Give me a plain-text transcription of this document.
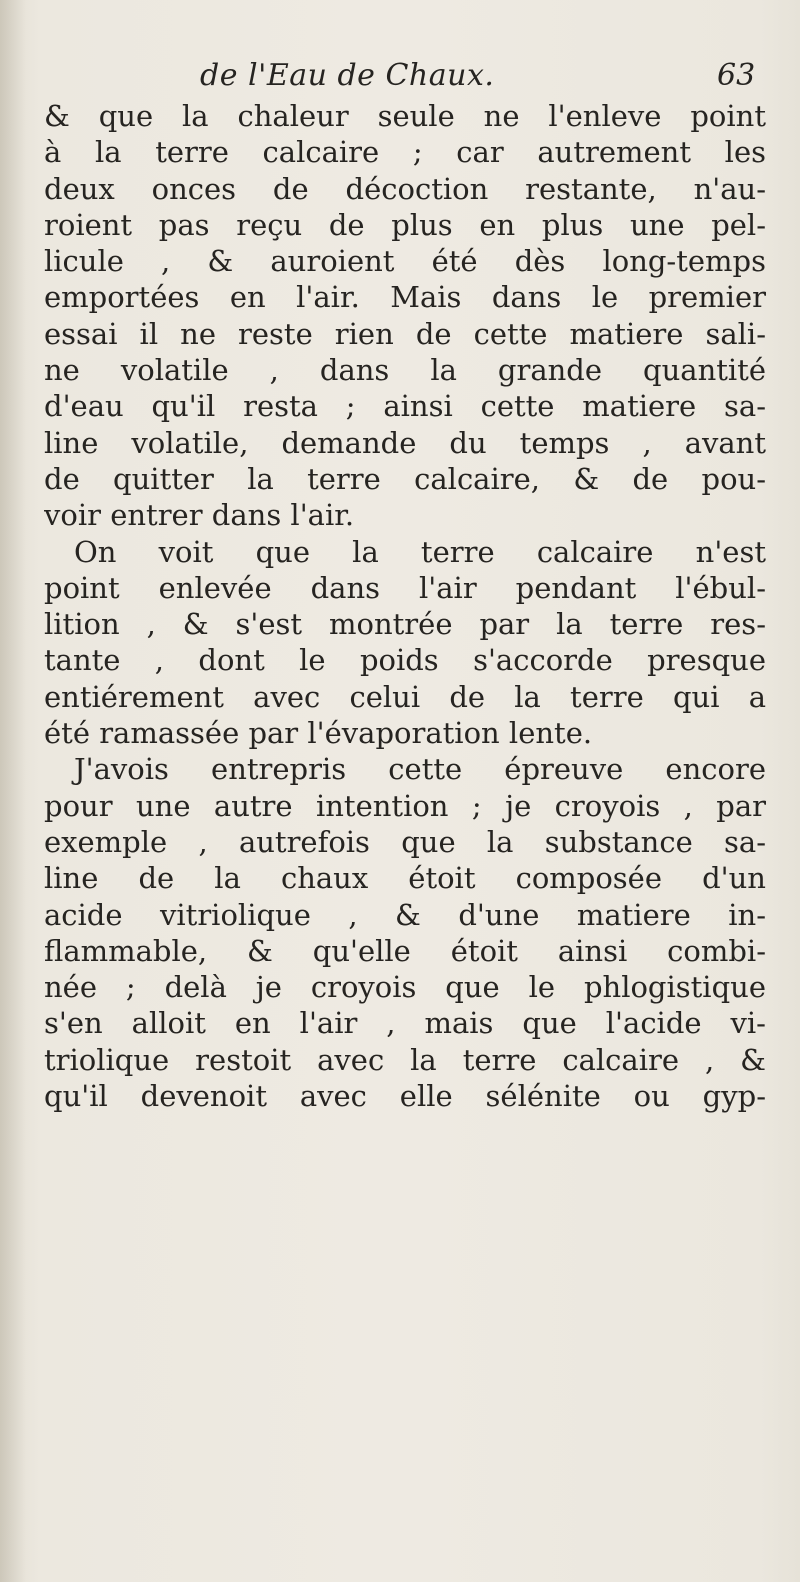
de l'Eau de Chaux.	63
& que la chaleur seule ne l'enleve point
à la terre calcaire ; car autrement les
deux onces de décoction restante, n'au-
roient pas reçu de plus en plus une pel-
licule , & auroient été dès long-temps
emportées en l'air. Mais dans le premier
essai il ne reste rien de cette matiere sali-
ne volatile , dans la grande quantité
d'eau qu'il resta ; ainsi cette matiere sa-
line volatile, demande du temps , avant
de quitter la terre calcaire, & de pou-
voir entrer dans l'air.
On voit que la terre calcaire n'est
point enlevée dans l'air pendant l'ébul-
lition , & s'est montrée par la terre res-
tante , dont le poids s'accorde presque
entiérement avec celui de la terre qui a
été ramassée par l'évaporation lente.
J'avois entrepris cette épreuve encore
pour une autre intention ; je croyois , par
exemple , autrefois que la substance sa-
line de la chaux étoit composée d'un
acide vitriolique , & d'une matiere in-
flammable, & qu'elle étoit ainsi combi-
née ; delà je croyois que le phlogistique
s'en alloit en l'air , mais que l'acide vi-
triolique restoit avec la terre calcaire , &
qu'il devenoit avec elle sélénite ou gyp-
